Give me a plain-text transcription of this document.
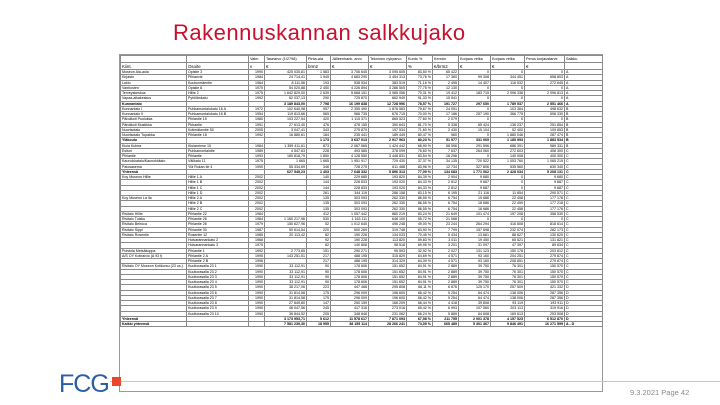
Rakennuskannan salkkujako
		Valm	Tasearvo (1/2798)	Pinta-ala	Jälleenhank. arvo	Tekninen nykyarvo	Kunto %	Kerroin	Korjaus velka	Korjaus velka	Perus korjaustarve	Salkku
Kiint.	Osoite	v	€	brm2	€	€	%	€/brm2	€	€	€	
Museon Ala-aula	Opistie 3	1990	425 035,81	1 583	3 706 645	3 095 605	83,50 %	65 422	0	0	0	A
Kirjasto	Pihlanvie	1984	24 714,41	1 949	4 683 290	3 454 313	73,76 %	17 360	99 308	344 451	658 803	A
Lukio	Koulunmäentie	1964	8 111,56	193	538 934	383 519	71,16 %	2 495	14 407	116 532	272 645	A
Vanhusten	Opistie 8	1970	54 020,88	2 450	4 226 894	3 286 505	77,75 %	12 130	0	0	0	A
Terveyskeskus	Hillie 2	1975	1 642 829,00	2 639	5 668 151	3 985 056	70,31 %	19 412	183 715	2 096 338	2 096 813	A
Vapaa-aikakeskus	Pyhtilänkatu	1992	62 037,13	290	725 870	662 949	91,33 %	15 541	0	0	0	A
Kunnantalo			3 189 843,00	7 798	16 199 838	12 728 996	78,57 %	191 727	297 650	1 789 537	2 551 466	A
Kunnantalo I	Puhkamontalokatu 16 A	1972	102 640,98	957	2 355 490	1 876 583	79,67 %	24 051	0	103 364	498 632	B
Kunnantalo II	Puhkamontalokatu 16 B	1954	119 813,66	565	966 735	676 715	70,00 %	17 186	257 190	366 775	598 330	B
Päiväkoti Puolukka	Pihlantie 15	1980	103 227,54	420	1 115 371	865 523	77,60 %	2 079	0	0	0	B
Päiväkoti Mustikka	Pirkantie	1991	27 613,40	476	478 155	390 643	81,70 %	5 338	65 424	136 237	251 854	B
Nuorisotalo	Kotimäkentie 50	2005	3 047,41	343	275 870	197 534	71,60 %	2 430	15 104	52 400	109 853	B
Nuorisotalo Tupakka	Pihlantie 18	1992	16 880,61	184	235 441	189 449	80,47 %	960	0	1 880 046	287 474	B
Yläkoulu				1 173	3 637 013	2 917 963	80,23 %	51 977	331 069	1 185 993	1 883 534	B
Kiula Kulma	Kiulanrinne 15	1984	1 359 411,61	873	2 067 565	1 424 442	68,90 %	58 596	291 596	686 391	589 331	B
Esitori	Puhkamontalotie	1989	4 547,63	228	493 585	378 099	76,60 %	7 637	264 060	272 603	408 300	C
Pihlantie	Pihlantie	1993	180 818,79	1 850	4 128 550	3 448 831	83,54 %	16 296	0	140 008	400 300	C
Kaunokkatalo/Kaunokkitalo	Välikatu 11	1975	1 665	1 665	1 951 917	729 430	37,37 %	34 135	720 522	1 053 760	1 065 215	C
Palosasema	Ylä Rokan tie 4	1990	55 334,69	346	728 275	611 488	83,96 %	12 734	327 806	535 560	630 340	C
Yhteensä			627 549,23	1 403	7 648 332	5 896 313	77,09 %	134 683	1 771 062	2 428 034	5 208 131	C
Koy Museon Hillie	Hillie 1 A	2002		140	229 685	193 820	84,39 %	2 904	9 680	0	9 680	C
	Hillie 1 B	2002		144	228 833	193 020	84,33 %	2 812	9 687	0	9 687	C
	Hillie 1 C	2002		144	228 833	193 020	84,33 %	2 812	9 687	0	9 687	C
	Hillie 1 D	2002		261	344 119	286 158	83,15 %	6 195	21 116	11 654	290 571	C
Koy Museon La lla	Hillie 2 A	2002		135	303 093	262 330	86,55 %	6 754	19 686	22 458	177 178	C
	Hillie 2 B	2002		135	303 093	262 330	86,55 %	6 754	18 686	22 459	177 218	C
	Hillie 2 C	2002		135	303 093	262 330	86,55 %	6 754	18 686	22 458	177 178	C
Rivitalo Hillie	Pihlantie 22	1984		412	1 057 442	880 219	83,24 %	21 649	101 474	197 208	358 530	C
Rivitalo Tuisku	Pihlantie 26	1984	1 160 217,96	530	1 163 111	648 100	55,72 %	21 068	0	0	0	C
Rivitalo Belroca	Pihlantie 26	1979	150 627,96	52	1 012 645	496 248	49,00 %	23 244	264 294	416 808	818 614	C
Rivitalo Sippi	Pihlantie 30	1987	50 614,54	220	500 269	319 748	63,90 %	7 799	157 698	232 074	282 173	C
Rivitalo Rosentie	Rosentie 12	1985	20 113,42	82	190 226	134 033	70,45 %	5 434	13 661	88 627	130 620	C
	Hoivarannankatu 2	1968		92	190 228	113 820	59,83 %	3 011	19 450	65 521	131 821	C
	Hoivarannankatu 3	1975		82	140 808	98 518	69,95 %	3 201	31 097	47 397	89 634	C
Puistola Metsäkoppa	Pihlantie 1	1992	2 773,65	151	290 271	95 593	32,92 %	2 027	131 123	150 178	203 812	C
A/S OY Kotiraivio (A 93 t)	Pihlantie 2 A	1995	143 251,51	217	488 195	315 829	64,69 %	4 571	93 160	204 251	279 874	C
	Pihlantie 2 B	1996		217	488 195	314 329	64,39 %	4 571	93 160	208 851	279 874	C
Rivitalo OY Museon Kotikorsu (23 os.)	Kuutiorasalla 23 1	1990	33 112,91	90	178 606	151 652	84,91 %	2 889	39 750	76 301	150 570	C
	Kuutiorasalla 23 2	1990	33 112,91	90	178 606	151 652	84,91 %	2 889	39 750	76 301	150 570	C
	Kuutiorasalla 23 3	1990	33 112,91	90	178 606	151 652	84,91 %	2 889	39 750	76 301	150 570	C
	Kuutiorasalla 23 4	1990	33 112,91	90	178 606	151 652	84,91 %	2 889	39 750	76 301	150 570	C
	Kuutiorasalla 23 5	1990	38 217,06	223	447 468	295 808	66,11 %	6 876	125 170	257 509	421 332	D
	Kuutiorasalla 23 6	1990	31 814,58	175	296 009	196 600	66,42 %	5 254	64 474	138 006	287 356	D
	Kuutiorasalla 23 7	1990	31 814,58	175	296 009	196 600	66,42 %	5 254	64 474	138 006	287 356	D
	Kuutiorasalla 23 8	1990	27 849,80	147	250 159	166 209	66,44 %	4 418	39 808	93 119	193 911	D
	Kuutiorasalla 23 9	1990	46 047,56	245	417 316	273 016	65,42 %	6 993	107 060	203 113	319 916	D
	Kuutiorasalla 23 10	1990	36 844,52	205	348 848	231 062	66,24 %	5 889	64 608	169 613	253 508	D
Yhteensä			3 173 953,71	5 612	11 578 617	7 871 093	67,98 %	211 755	2 001 378	4 157 523	6 512 870	D
Kaikki yhteensä			7 581 239,30	18 955	38 155 114	28 266 241	74,09 %	665 489	5 301 367	9 846 491	16 271 599	A - D
FCG	9.3.2021 Page 42
